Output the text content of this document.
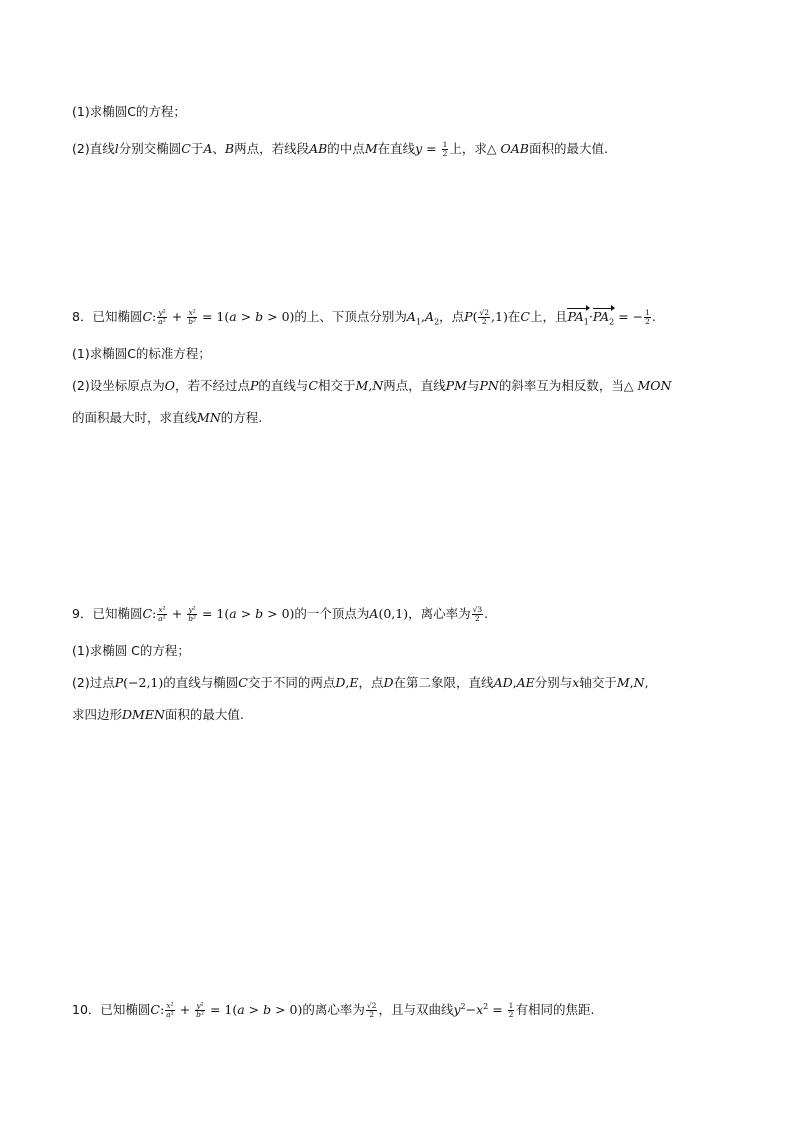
(1)求椭圆C的方程；
(2)直线l分别交椭圆C于A、B两点，若线段AB的中点M在直线$y = \frac{1}{2}$ 上，求△ OAB面积的最大值.
8．已知椭圆C: $\frac{\text{y²}}{\text{a²}} + \frac{\text{x²}}{\text{b²}} = 1(a > b > 0)$的上、下顶点分别为$A_1,A_2$，点$P( \frac{√2}{2} ,1)$在C上，且$PA_1\cdot PA_2$ = − $\frac{1}{2}$ .
(1)求椭圆C的标准方程；
(2)设坐标原点为O，若不经过点P的直线与C相交于M,N两点，直线PM与PN的斜率互为相反数，当△ MON
的面积最大时，求直线MN的方程.
9．已知椭圆C: $\frac{\text{x²}}{\text{a²}} + \frac{\text{y²}}{\text{b²}} = 1(a > b > 0)$的一个顶点为A(0,1)，离心率为 $\frac{√3}{2}$ .
(1)求椭圆 C的方程；
(2)过点P(−2,1)的直线与椭圆C交于不同的两点D,E，点D在第二象限，直线AD,AE分别与x轴交于M,N,
求四边形DMEN面积的最大值.
10．已知椭圆C: $\frac{\text{x²}}{\text{a²}} + \frac{\text{y²}}{\text{b²}} = 1(a > b > 0)$的离心率为 $\frac{√2}{2}$ ，且与双曲线$y^2-x^2 = \frac{1}{2}$ 有相同的焦距.
